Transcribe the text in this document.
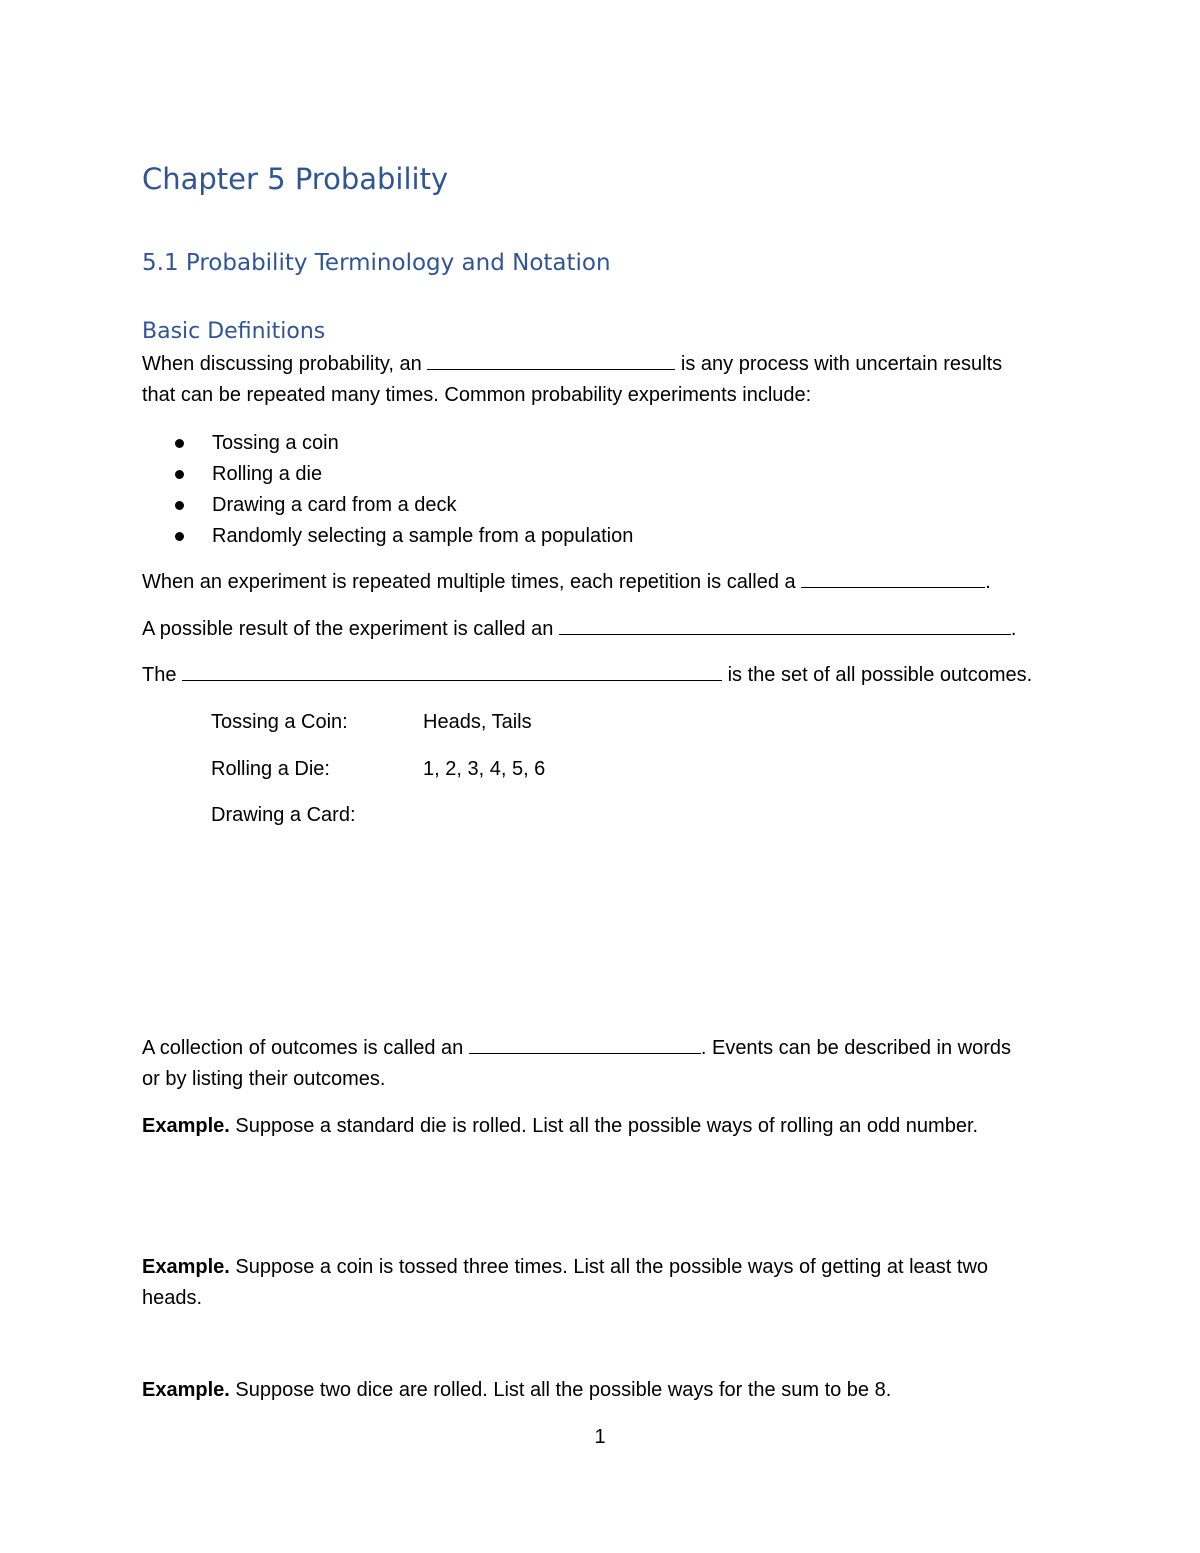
Chapter 5 Probability
5.1 Probability Terminology and Notation
Basic Definitions
When discussing probability, an	is any process with uncertain results
that can be repeated many times. Common probability experiments include:
Tossing a coin
Rolling a die
Drawing a card from a deck
Randomly selecting a sample from a population
When an experiment is repeated multiple times, each repetition is called a	.
A possible result of the experiment is called an	.
The	is the set of all possible outcomes.
Tossing a Coin:	Heads, Tails
Rolling a Die:	1, 2, 3, 4, 5, 6
Drawing a Card:
A collection of outcomes is called an	. Events can be described in words
or by listing their outcomes.
Example. Suppose a standard die is rolled. List all the possible ways of rolling an odd number.
Example. Suppose a coin is tossed three times. List all the possible ways of getting at least two
heads.
Example. Suppose two dice are rolled. List all the possible ways for the sum to be 8.
1
